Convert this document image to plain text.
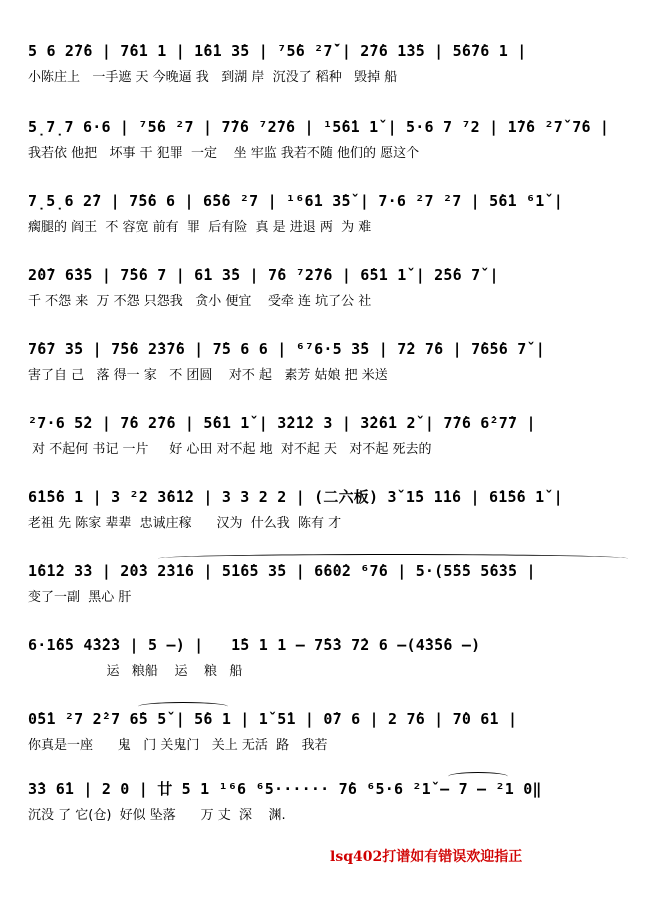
5 6 2̇7̇6 | 7̇6̇1 1 | 1̇6̇1 3̇5 | ⁷5̇6 ²7̇ˇ| 2̇7̇6 1̇3̇5 | 5̇6̇7̇6 1 |
小陈庄上   一手遮 天 今晚逼 我   到湖 岸  沉没了 稻种   毁掉 船
5̣7̣7 6·6 | ⁷5̇6 ²7 | 7̇7̇6 ⁷2̇7̇6 | ¹5̇6̇1 1ˇ| 5·6 7 ⁷2 | 1̇7̇6 ²7ˇ7̇6 |
我若依 他把   坏事 干 犯罪  一定    坐 牢监 我若不随 他们的 愿这个
7̣5̣6 2̇7 | 7̇5̇6 6 | 6̇5̇6 ²7 | ¹⁶6̇1 3̇5ˇ| 7·6 ²7 ²7 | 5̇6̇1 ⁶1ˇ|
瘸腿的 阎王  不 容宽 前有  罪  后有险  真 是 进退 两  为 难
2̇0̇7 6̇3̇5 | 7̇5̇6 7 | 6̇1 3̇5 | 7̇6 ⁷2̇7̇6 | 6̇5̇1 1ˇ| 2̇5̇6 7ˇ|
千 不怨 来  万 不怨 只怨我   贪小 便宜    受牵 连 坑了公 社
7̇6̇7 3̇5 | 7̇5̇6 2̇3̇7̇6 | 7̇5 6 6 | ⁶⁷6·5 3̇5 | 7̇2 7̇6 | 7̇6̇5̇6 7ˇ|
害了自 己   落 得一 家   不 团圆    对不 起   素芳 姑娘 把 米送
²7·6 5̇2 | 7̇6 2̇7̇6 | 5̇6̇1 1ˇ| 3̇2̇1̇2 3 | 3̇2̇6̇1 2ˇ| 7̇7̇6 6̇²7̇7 |
对 不起何 书记 一片     好 心田 对不起 地  对不起 天   对不起 死去的
6̇1̇5̇6 1 | 3 ²2 3̇6̇1̇2 | 3 3 2 2 | (二六板) 3ˇ1̇5 1̇1̇6 | 6̇1̇5̇6 1ˇ|
老祖 先 陈家 辈辈  忠诚庄稼      汉为  什么我  陈有 才
1̇6̇1̇2 3̇3 | 2̇0̇3 2̇3̇1̇6 | 5̇1̇6̇5 3̇5 | 6̇6̇0̇2 ⁶7̇6 | 5·(5̇5̇5 5̇6̇3̇5 |
变了一副  黑心 肝
6·1̇6̇5 4̇3̇2̇3 | 5 –) |   1̇5 1 1 – 7̇5̇3 7̇2 6 –(4̇3̇5̇6 –)
运   粮船    运    粮   船
0̇5̇1 ²7 2̇²7 6̇5 5ˇ| 5̇6 1 | 1ˇ5̇1 | 0̇7 6 | 2 7̇6 | 7̇0 6̇1 |
你真是一座      鬼   门 关鬼门   关上 无活  路   我若
3̇3 6̇1 | 2 0 | 廿 5 1 ¹⁶6 ⁶5······ 7̇6 ⁶5·6 ²1ˇ– 7 – ²1 0‖
沉没 了 它(仓)  好似 坠落      万 丈  深    渊.
lsq402打谱如有错误欢迎指正
